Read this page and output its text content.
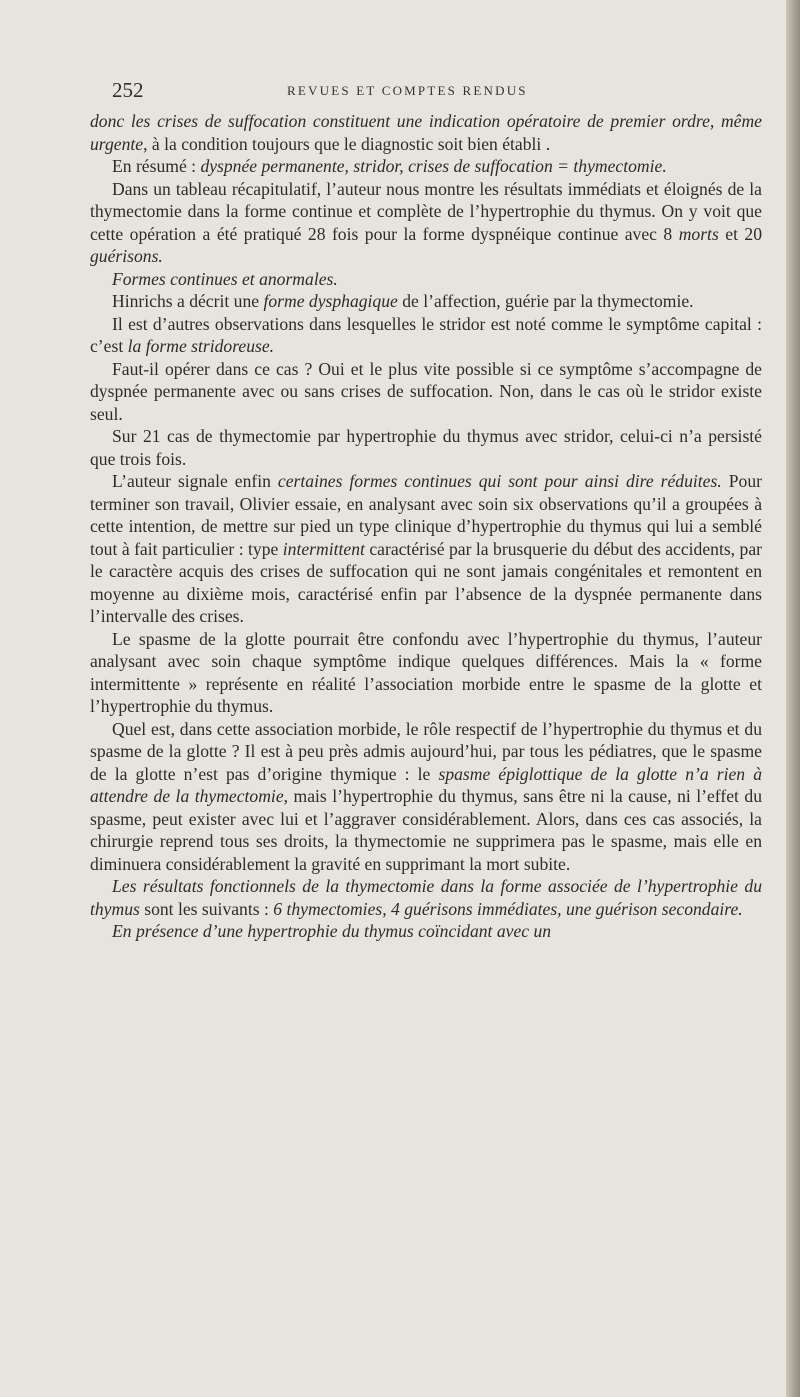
252	REVUES ET COMPTES RENDUS

donc les crises de suffocation constituent une indication opératoire de premier ordre, même urgente, à la condition toujours que le diagnostic soit bien établi .

En résumé : dyspnée permanente, stridor, crises de suffocation = thymectomie.

Dans un tableau récapitulatif, l’auteur nous montre les résultats immédiats et éloignés de la thymectomie dans la forme continue et complète de l’hypertrophie du thymus. On y voit que cette opération a été pratiqué 28 fois pour la forme dyspnéique continue avec 8 morts et 20 guérisons.

Formes continues et anormales.

Hinrichs a décrit une forme dysphagique de l’affection, guérie par la thymectomie.

Il est d’autres observations dans lesquelles le stridor est noté comme le symptôme capital : c’est la forme stridoreuse.

Faut-il opérer dans ce cas ? Oui et le plus vite possible si ce symptôme s’accompagne de dyspnée permanente avec ou sans crises de suffocation. Non, dans le cas où le stridor existe seul.

Sur 21 cas de thymectomie par hypertrophie du thymus avec stridor, celui-ci n’a persisté que trois fois.

L’auteur signale enfin certaines formes continues qui sont pour ainsi dire réduites. Pour terminer son travail, Olivier essaie, en analysant avec soin six observations qu’il a groupées à cette intention, de mettre sur pied un type clinique d’hypertrophie du thymus qui lui a semblé tout à fait particulier : type intermittent caractérisé par la brusquerie du début des accidents, par le caractère acquis des crises de suffocation qui ne sont jamais congénitales et remontent en moyenne au dixième mois, caractérisé enfin par l’absence de la dyspnée permanente dans l’intervalle des crises.

Le spasme de la glotte pourrait être confondu avec l’hypertrophie du thymus, l’auteur analysant avec soin chaque symptôme indique quelques différences. Mais la « forme intermittente » représente en réalité l’association morbide entre le spasme de la glotte et l’hypertrophie du thymus.

Quel est, dans cette association morbide, le rôle respectif de l’hypertrophie du thymus et du spasme de la glotte ? Il est à peu près admis aujourd’hui, par tous les pédiatres, que le spasme de la glotte n’est pas d’origine thymique : le spasme épiglottique de la glotte n’a rien à attendre de la thymectomie, mais l’hypertrophie du thymus, sans être ni la cause, ni l’effet du spasme, peut exister avec lui et l’aggraver considérablement. Alors, dans ces cas associés, la chirurgie reprend tous ses droits, la thymectomie ne supprimera pas le spasme, mais elle en diminuera considérablement la gravité en supprimant la mort subite.

Les résultats fonctionnels de la thymectomie dans la forme associée de l’hypertrophie du thymus sont les suivants : 6 thymectomies, 4 guérisons immédiates, une guérison secondaire.

En présence d’une hypertrophie du thymus coïncidant avec un
